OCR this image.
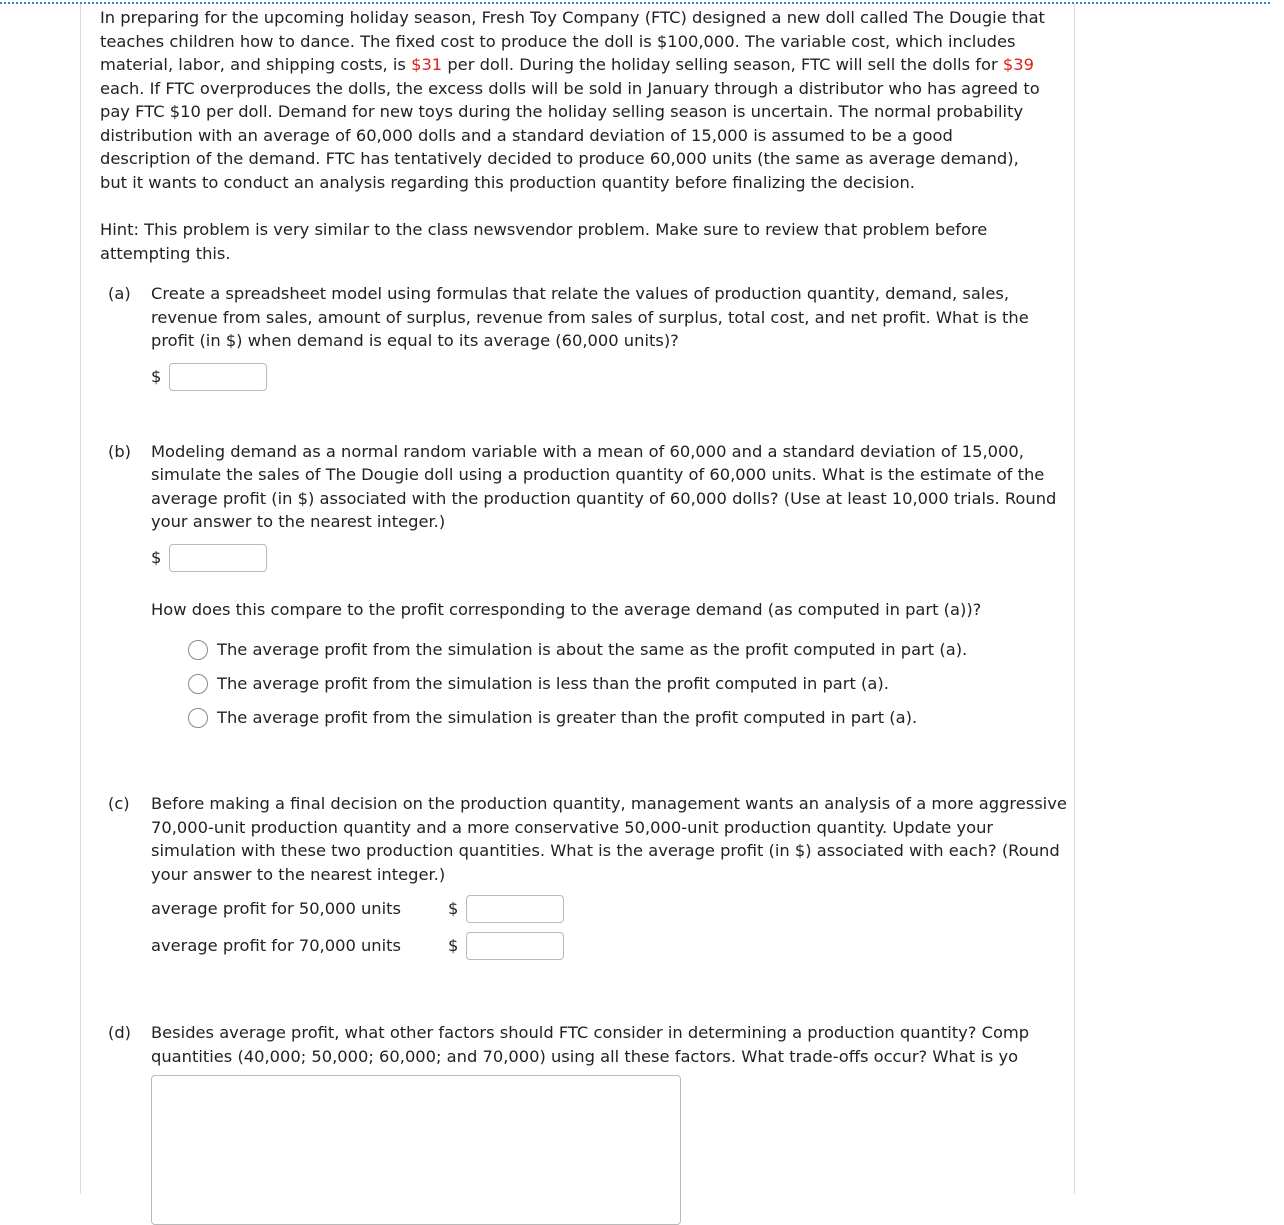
In preparing for the upcoming holiday season, Fresh Toy Company (FTC) designed a new doll called The Dougie that teaches children how to dance. The fixed cost to produce the doll is $100,000. The variable cost, which includes material, labor, and shipping costs, is $31 per doll. During the holiday selling season, FTC will sell the dolls for $39 each. If FTC overproduces the dolls, the excess dolls will be sold in January through a distributor who has agreed to pay FTC $10 per doll. Demand for new toys during the holiday selling season is uncertain. The normal probability distribution with an average of 60,000 dolls and a standard deviation of 15,000 is assumed to be a good description of the demand. FTC has tentatively decided to produce 60,000 units (the same as average demand), but it wants to conduct an analysis regarding this production quantity before finalizing the decision.

Hint: This problem is very similar to the class newsvendor problem. Make sure to review that problem before attempting this.

(a) Create a spreadsheet model using formulas that relate the values of production quantity, demand, sales, revenue from sales, amount of surplus, revenue from sales of surplus, total cost, and net profit. What is the profit (in $) when demand is equal to its average (60,000 units)?

$
(b) Modeling demand as a normal random variable with a mean of 60,000 and a standard deviation of 15,000, simulate the sales of The Dougie doll using a production quantity of 60,000 units. What is the estimate of the average profit (in $) associated with the production quantity of 60,000 dolls? (Use at least 10,000 trials. Round your answer to the nearest integer.)

$

How does this compare to the profit corresponding to the average demand (as computed in part (a))?

The average profit from the simulation is about the same as the profit computed in part (a).
The average profit from the simulation is less than the profit computed in part (a).
The average profit from the simulation is greater than the profit computed in part (a).
(c) Before making a final decision on the production quantity, management wants an analysis of a more aggressive 70,000-unit production quantity and a more conservative 50,000-unit production quantity. Update your simulation with these two production quantities. What is the average profit (in $) associated with each? (Round your answer to the nearest integer.)

average profit for 50,000 units	$
average profit for 70,000 units	$
(d) Besides average profit, what other factors should FTC consider in determining a production quantity? Comp

quantities (40,000; 50,000; 60,000; and 70,000) using all these factors. What trade-offs occur? What is yo
